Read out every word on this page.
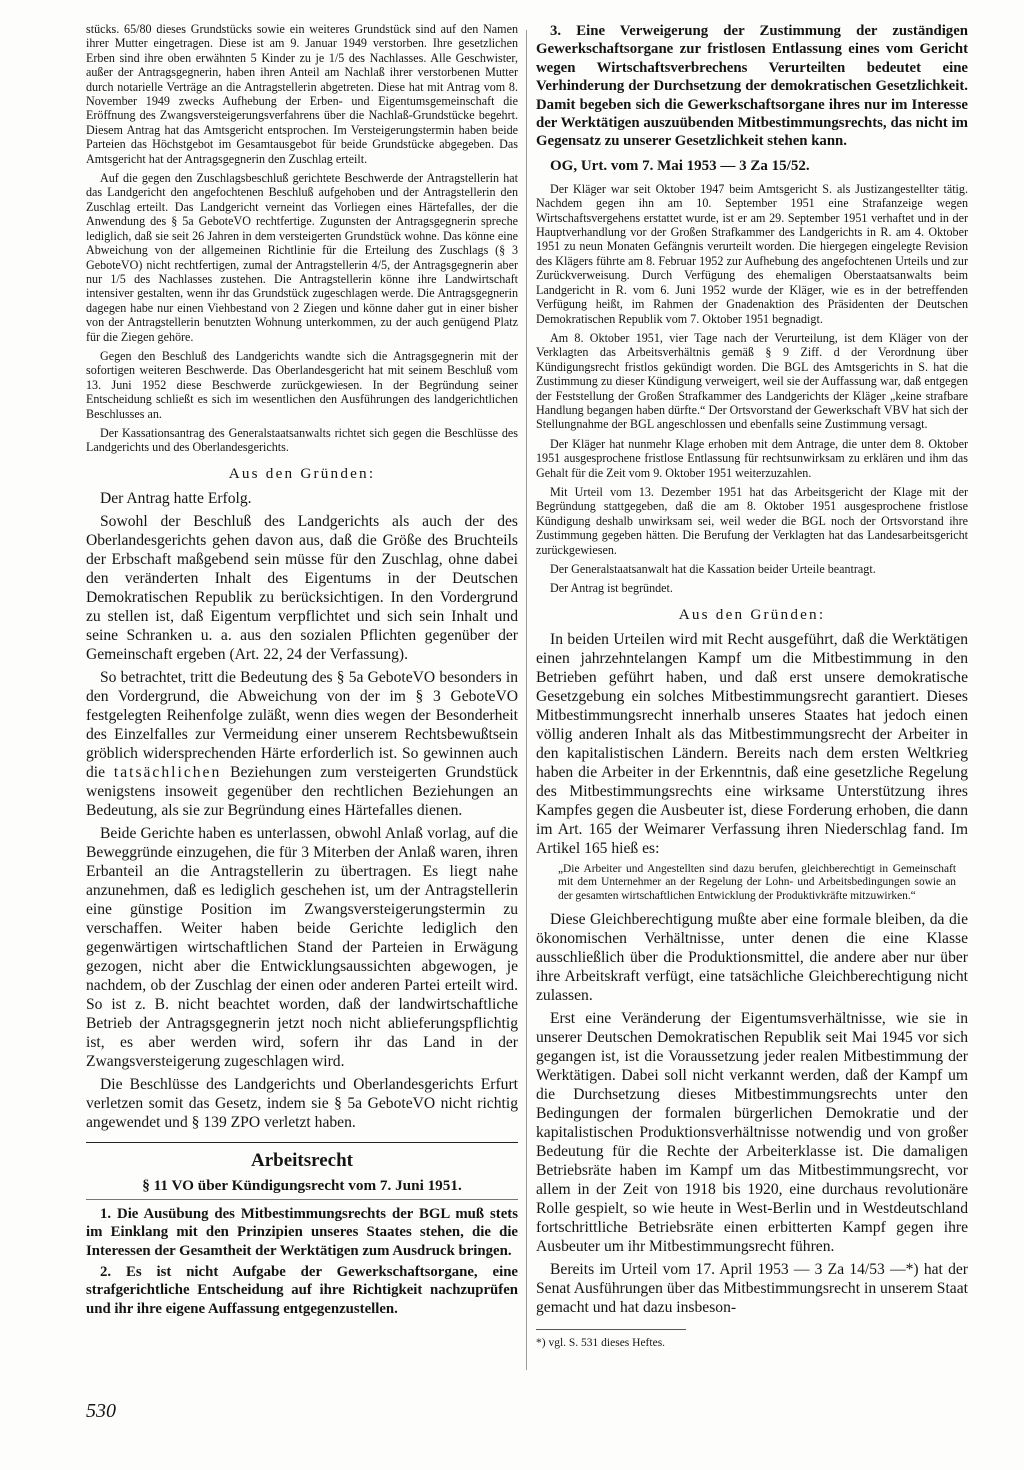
stücks. 65/80 dieses Grundstücks sowie ein weiteres Grundstück sind auf den Namen ihrer Mutter eingetragen. Diese ist am 9. Januar 1949 verstorben. Ihre gesetzlichen Erben sind ihre oben erwähnten 5 Kinder zu je 1/5 des Nachlasses. Alle Geschwister, außer der Antragsgegnerin, haben ihren Anteil am Nachlaß ihrer verstorbenen Mutter durch notarielle Verträge an die Antragstellerin abgetreten. Diese hat mit Antrag vom 8. November 1949 zwecks Aufhebung der Erben- und Eigentumsgemeinschaft die Eröffnung des Zwangsversteigerungsverfahrens über die Nachlaß-Grundstücke begehrt. Diesem Antrag hat das Amtsgericht entsprochen. Im Versteigerungstermin haben beide Parteien das Höchstgebot im Gesamtausgebot für beide Grundstücke abgegeben. Das Amtsgericht hat der Antragsgegnerin den Zuschlag erteilt.

Auf die gegen den Zuschlagsbeschluß gerichtete Beschwerde der Antragstellerin hat das Landgericht den angefochtenen Beschluß aufgehoben und der Antragstellerin den Zuschlag erteilt. Das Landgericht verneint das Vorliegen eines Härtefalles, der die Anwendung des § 5a GeboteVO rechtfertige. Zugunsten der Antragsgegnerin spreche lediglich, daß sie seit 26 Jahren in dem versteigerten Grundstück wohne. Das könne eine Abweichung von der allgemeinen Richtlinie für die Erteilung des Zuschlags (§ 3 GeboteVO) nicht rechtfertigen, zumal der Antragstellerin 4/5, der Antragsgegnerin aber nur 1/5 des Nachlasses zustehen. Die Antragstellerin könne ihre Landwirtschaft intensiver gestalten, wenn ihr das Grundstück zugeschlagen werde. Die Antragsgegnerin dagegen habe nur einen Viehbestand von 2 Ziegen und könne daher gut in einer bisher von der Antragstellerin benutzten Wohnung unterkommen, zu der auch genügend Platz für die Ziegen gehöre.

Gegen den Beschluß des Landgerichts wandte sich die Antragsgegnerin mit der sofortigen weiteren Beschwerde. Das Oberlandesgericht hat mit seinem Beschluß vom 13. Juni 1952 diese Beschwerde zurückgewiesen. In der Begründung seiner Entscheidung schließt es sich im wesentlichen den Ausführungen des landgerichtlichen Beschlusses an.

Der Kassationsantrag des Generalstaatsanwalts richtet sich gegen die Beschlüsse des Landgerichts und des Oberlandesgerichts.

Aus den Gründen:

Der Antrag hatte Erfolg.

Sowohl der Beschluß des Landgerichts als auch der des Oberlandesgerichts gehen davon aus, daß die Größe des Bruchteils der Erbschaft maßgebend sein müsse für den Zuschlag, ohne dabei den veränderten Inhalt des Eigentums in der Deutschen Demokratischen Republik zu berücksichtigen. In den Vordergrund zu stellen ist, daß Eigentum verpflichtet und sich sein Inhalt und seine Schranken u. a. aus den sozialen Pflichten gegenüber der Gemeinschaft ergeben (Art. 22, 24 der Verfassung).

So betrachtet, tritt die Bedeutung des § 5a GeboteVO besonders in den Vordergrund, die Abweichung von der im § 3 GeboteVO festgelegten Reihenfolge zuläßt, wenn dies wegen der Besonderheit des Einzelfalles zur Vermeidung einer unserem Rechtsbewußtsein gröblich widersprechenden Härte erforderlich ist. So gewinnen auch die tatsächlichen Beziehungen zum versteigerten Grundstück wenigstens insoweit gegenüber den rechtlichen Beziehungen an Bedeutung, als sie zur Begründung eines Härtefalles dienen.

Beide Gerichte haben es unterlassen, obwohl Anlaß vorlag, auf die Beweggründe einzugehen, die für 3 Miterben der Anlaß waren, ihren Erbanteil an die Antragstellerin zu übertragen. Es liegt nahe anzunehmen, daß es lediglich geschehen ist, um der Antragstellerin eine günstige Position im Zwangsversteigerungstermin zu verschaffen. Weiter haben beide Gerichte lediglich den gegenwärtigen wirtschaftlichen Stand der Parteien in Erwägung gezogen, nicht aber die Entwicklungsaussichten abgewogen, je nachdem, ob der Zuschlag der einen oder anderen Partei erteilt wird. So ist z. B. nicht beachtet worden, daß der landwirtschaftliche Betrieb der Antragsgegnerin jetzt noch nicht ablieferungspflichtig ist, es aber werden wird, sofern ihr das Land in der Zwangsversteigerung zugeschlagen wird.

Die Beschlüsse des Landgerichts und Oberlandesgerichts Erfurt verletzen somit das Gesetz, indem sie § 5a GeboteVO nicht richtig angewendet und § 139 ZPO verletzt haben.

Arbeitsrecht
§ 11 VO über Kündigungsrecht vom 7. Juni 1951.

1. Die Ausübung des Mitbestimmungsrechts der BGL muß stets im Einklang mit den Prinzipien unseres Staates stehen, die die Interessen der Gesamtheit der Werktätigen zum Ausdruck bringen.

2. Es ist nicht Aufgabe der Gewerkschaftsorgane, eine strafgerichtliche Entscheidung auf ihre Richtigkeit nachzuprüfen und ihr ihre eigene Auffassung entgegenzustellen.

3. Eine Verweigerung der Zustimmung der zuständigen Gewerkschaftsorgane zur fristlosen Entlassung eines vom Gericht wegen Wirtschaftsverbrechens Verurteilten bedeutet eine Verhinderung der Durchsetzung der demokratischen Gesetzlichkeit. Damit begeben sich die Gewerkschaftsorgane ihres nur im Interesse der Werktätigen auszuübenden Mitbestimmungsrechts, das nicht im Gegensatz zu unserer Gesetzlichkeit stehen kann.

OG, Urt. vom 7. Mai 1953 — 3 Za 15/52.

Der Kläger war seit Oktober 1947 beim Amtsgericht S. als Justizangestellter tätig. Nachdem gegen ihn am 10. September 1951 eine Strafanzeige wegen Wirtschaftsvergehens erstattet wurde, ist er am 29. September 1951 verhaftet und in der Hauptverhandlung vor der Großen Strafkammer des Landgerichts in R. am 4. Oktober 1951 zu neun Monaten Gefängnis verurteilt worden. Die hiergegen eingelegte Revision des Klägers führte am 8. Februar 1952 zur Aufhebung des angefochtenen Urteils und zur Zurückverweisung. Durch Verfügung des ehemaligen Oberstaatsanwalts beim Landgericht in R. vom 6. Juni 1952 wurde der Kläger, wie es in der betreffenden Verfügung heißt, im Rahmen der Gnadenaktion des Präsidenten der Deutschen Demokratischen Republik vom 7. Oktober 1951 begnadigt.

Am 8. Oktober 1951, vier Tage nach der Verurteilung, ist dem Kläger von der Verklagten das Arbeitsverhältnis gemäß § 9 Ziff. d der Verordnung über Kündigungsrecht fristlos gekündigt worden. Die BGL des Amtsgerichts in S. hat die Zustimmung zu dieser Kündigung verweigert, weil sie der Auffassung war, daß entgegen der Feststellung der Großen Strafkammer des Landgerichts der Kläger „keine strafbare Handlung begangen haben dürfte.“ Der Ortsvorstand der Gewerkschaft VBV hat sich der Stellungnahme der BGL angeschlossen und ebenfalls seine Zustimmung versagt.

Der Kläger hat nunmehr Klage erhoben mit dem Antrage, die unter dem 8. Oktober 1951 ausgesprochene fristlose Entlassung für rechtsunwirksam zu erklären und ihm das Gehalt für die Zeit vom 9. Oktober 1951 weiterzuzahlen.

Mit Urteil vom 13. Dezember 1951 hat das Arbeitsgericht der Klage mit der Begründung stattgegeben, daß die am 8. Oktober 1951 ausgesprochene fristlose Kündigung deshalb unwirksam sei, weil weder die BGL noch der Ortsvorstand ihre Zustimmung gegeben hätten. Die Berufung der Verklagten hat das Landesarbeitsgericht zurückgewiesen.

Der Generalstaatsanwalt hat die Kassation beider Urteile beantragt.

Der Antrag ist begründet.

Aus den Gründen:

In beiden Urteilen wird mit Recht ausgeführt, daß die Werktätigen einen jahrzehntelangen Kampf um die Mitbestimmung in den Betrieben geführt haben, und daß erst unsere demokratische Gesetzgebung ein solches Mitbestimmungsrecht garantiert. Dieses Mitbestimmungsrecht innerhalb unseres Staates hat jedoch einen völlig anderen Inhalt als das Mitbestimmungsrecht der Arbeiter in den kapitalistischen Ländern. Bereits nach dem ersten Weltkrieg haben die Arbeiter in der Erkenntnis, daß eine gesetzliche Regelung des Mitbestimmungsrechts eine wirksame Unterstützung ihres Kampfes gegen die Ausbeuter ist, diese Forderung erhoben, die dann im Art. 165 der Weimarer Verfassung ihren Niederschlag fand. Im Artikel 165 hieß es:

„Die Arbeiter und Angestellten sind dazu berufen, gleichberechtigt in Gemeinschaft mit dem Unternehmer an der Regelung der Lohn- und Arbeitsbedingungen sowie an der gesamten wirtschaftlichen Entwicklung der Produktivkräfte mitzuwirken.“

Diese Gleichberechtigung mußte aber eine formale bleiben, da die ökonomischen Verhältnisse, unter denen die eine Klasse ausschließlich über die Produktionsmittel, die andere aber nur über ihre Arbeitskraft verfügt, eine tatsächliche Gleichberechtigung nicht zulassen.

Erst eine Veränderung der Eigentumsverhältnisse, wie sie in unserer Deutschen Demokratischen Republik seit Mai 1945 vor sich gegangen ist, ist die Voraussetzung jeder realen Mitbestimmung der Werktätigen. Dabei soll nicht verkannt werden, daß der Kampf um die Durchsetzung dieses Mitbestimmungsrechts unter den Bedingungen der formalen bürgerlichen Demokratie und der kapitalistischen Produktionsverhältnisse notwendig und von großer Bedeutung für die Rechte der Arbeiterklasse ist. Die damaligen Betriebsräte haben im Kampf um das Mitbestimmungsrecht, vor allem in der Zeit von 1918 bis 1920, eine durchaus revolutionäre Rolle gespielt, so wie heute in West-Berlin und in Westdeutschland fortschrittliche Betriebsräte einen erbitterten Kampf gegen ihre Ausbeuter um ihr Mitbestimmungsrecht führen.

Bereits im Urteil vom 17. April 1953 — 3 Za 14/53 —*) hat der Senat Ausführungen über das Mitbestimmungsrecht in unserem Staat gemacht und hat dazu insbeson-

*) vgl. S. 531 dieses Heftes.
530
